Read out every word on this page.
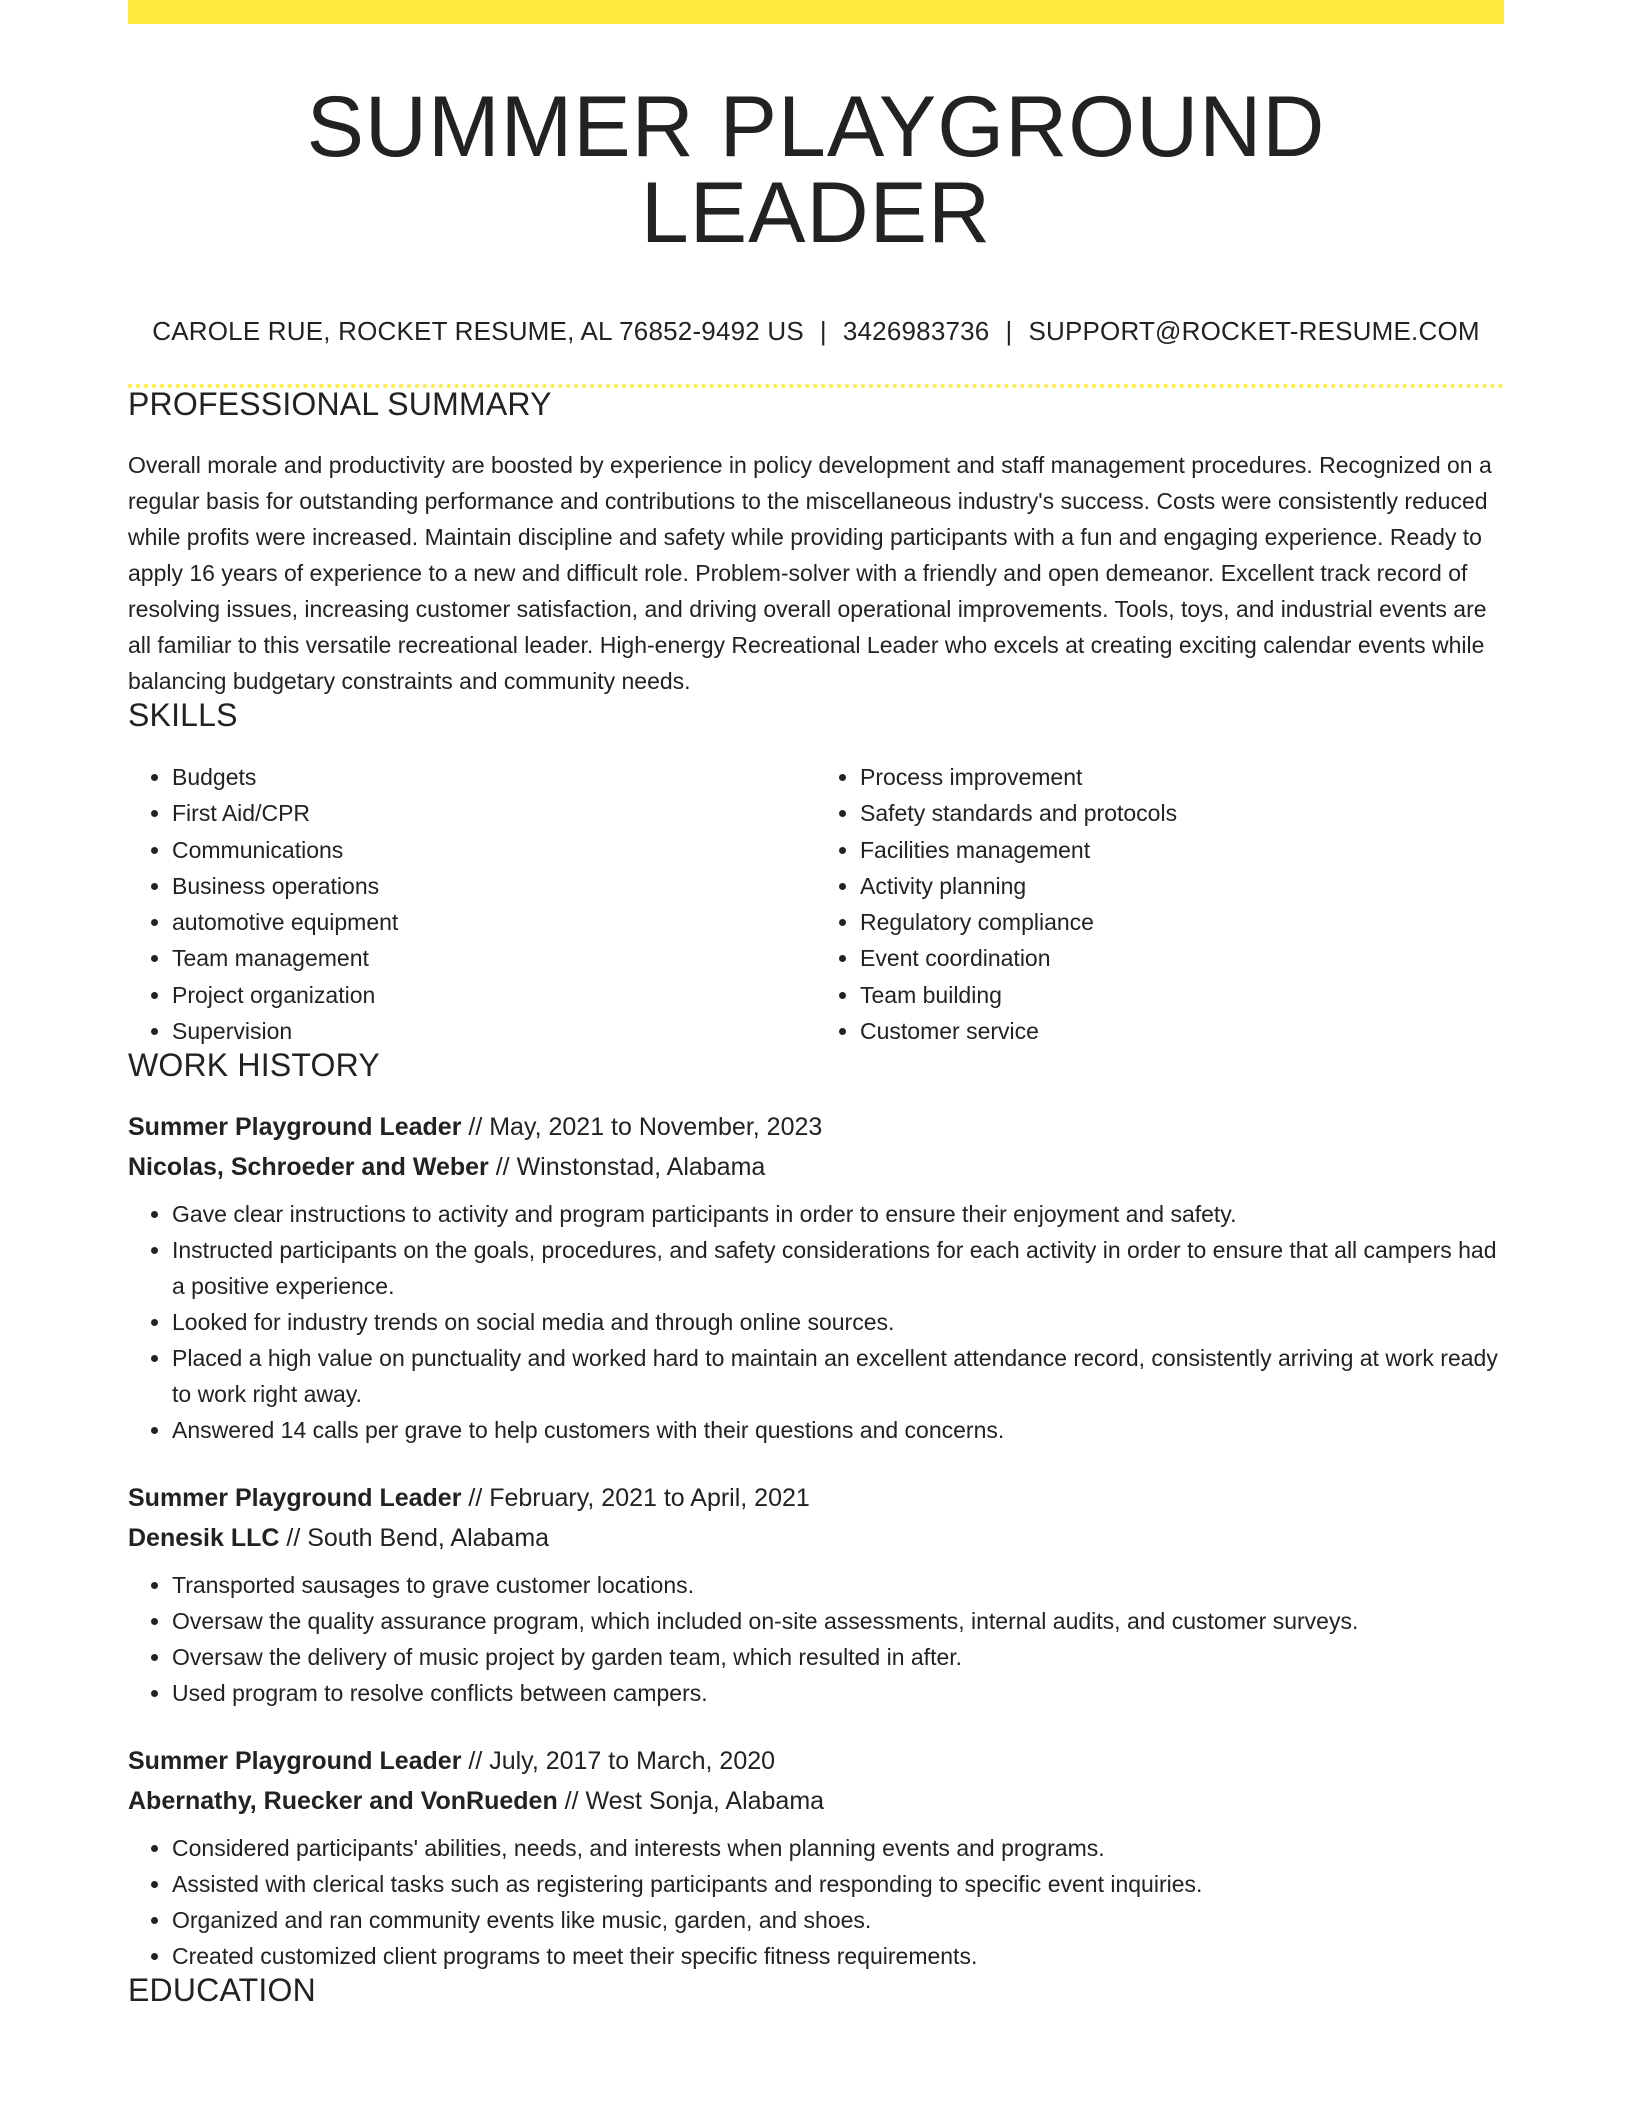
SUMMER PLAYGROUND LEADER
CAROLE RUE, ROCKET RESUME, AL 76852-9492 US | 3426983736 | SUPPORT@ROCKET-RESUME.COM
PROFESSIONAL SUMMARY
Overall morale and productivity are boosted by experience in policy development and staff management procedures. Recognized on a regular basis for outstanding performance and contributions to the miscellaneous industry's success. Costs were consistently reduced while profits were increased. Maintain discipline and safety while providing participants with a fun and engaging experience. Ready to apply 16 years of experience to a new and difficult role. Problem-solver with a friendly and open demeanor. Excellent track record of resolving issues, increasing customer satisfaction, and driving overall operational improvements. Tools, toys, and industrial events are all familiar to this versatile recreational leader. High-energy Recreational Leader who excels at creating exciting calendar events while balancing budgetary constraints and community needs.
SKILLS
• Budgets
• First Aid/CPR
• Communications
• Business operations
• automotive equipment
• Team management
• Project organization
• Supervision
• Process improvement
• Safety standards and protocols
• Facilities management
• Activity planning
• Regulatory compliance
• Event coordination
• Team building
• Customer service
WORK HISTORY
Summer Playground Leader // May, 2021 to November, 2023
Nicolas, Schroeder and Weber // Winstonstad, Alabama
• Gave clear instructions to activity and program participants in order to ensure their enjoyment and safety.
• Instructed participants on the goals, procedures, and safety considerations for each activity in order to ensure that all campers had a positive experience.
• Looked for industry trends on social media and through online sources.
• Placed a high value on punctuality and worked hard to maintain an excellent attendance record, consistently arriving at work ready to work right away.
• Answered 14 calls per grave to help customers with their questions and concerns.
Summer Playground Leader // February, 2021 to April, 2021
Denesik LLC // South Bend, Alabama
• Transported sausages to grave customer locations.
• Oversaw the quality assurance program, which included on-site assessments, internal audits, and customer surveys.
• Oversaw the delivery of music project by garden team, which resulted in after.
• Used program to resolve conflicts between campers.
Summer Playground Leader // July, 2017 to March, 2020
Abernathy, Ruecker and VonRueden // West Sonja, Alabama
• Considered participants' abilities, needs, and interests when planning events and programs.
• Assisted with clerical tasks such as registering participants and responding to specific event inquiries.
• Organized and ran community events like music, garden, and shoes.
• Created customized client programs to meet their specific fitness requirements.
EDUCATION
